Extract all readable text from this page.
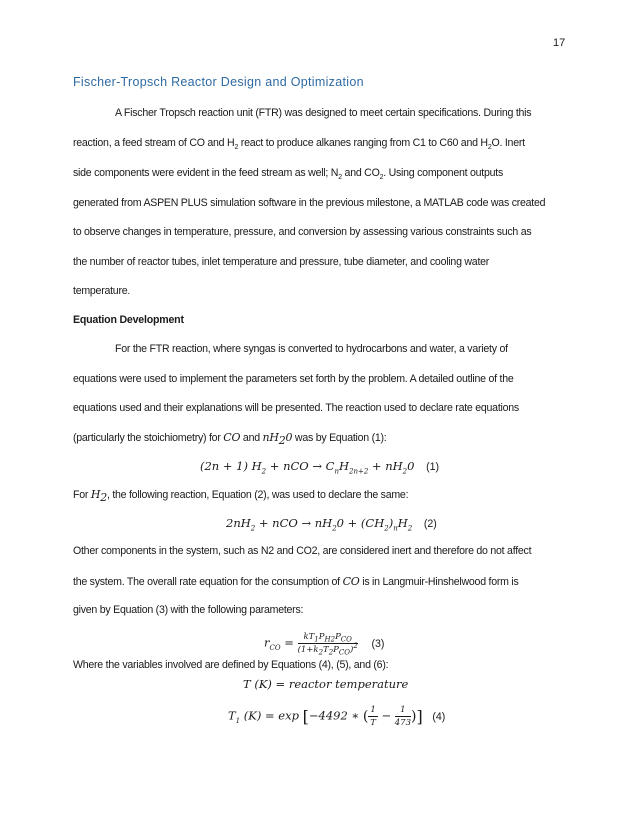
17
Fischer-Tropsch Reactor Design and Optimization
A Fischer Tropsch reaction unit (FTR) was designed to meet certain specifications. During this
reaction, a feed stream of CO and $H_2$ react to produce alkanes ranging from C1 to C60 and $H_2O$. Inert
side components were evident in the feed stream as well; $N_2$ and $CO_2$. Using component outputs
generated from ASPEN PLUS simulation software in the previous milestone, a MATLAB code was created
to observe changes in temperature, pressure, and conversion by assessing various constraints such as
the number of reactor tubes, inlet temperature and pressure, tube diameter, and cooling water
temperature.
Equation Development
For the FTR reaction, where syngas is converted to hydrocarbons and water, a variety of
equations were used to implement the parameters set forth by the problem. A detailed outline of the
equations used and their explanations will be presented. The reaction used to declare rate equations
(particularly the stoichiometry) for CO and $nH_20$ was by Equation (1):
(2n + 1) $H_2$ + nCO → $C_nH_{2n+2} + nH_20$ (1)
For $H_2$, the following reaction, Equation (2), was used to declare the same:
$2nH_2$ + nCO → $nH_20 + (CH_2)_nH_2$ (2)
Other components in the system, such as N2 and CO2, are considered inert and therefore do not affect
the system. The overall rate equation for the consumption of CO is in Langmuir-Hinshelwood form is
given by Equation (3) with the following parameters:
$r_{CO} = \frac{kT_1P_{H2}P_{CO}}{(1+k_2T_2P_{CO})^2} (3)$
Where the variables involved are defined by Equations (4), (5), and (6):
T (K) = reactor temperature
$T_1$ (K) = exp [−4492 ∗ ( $\frac{1}{T} - \frac{1}{473}$ )] (4)
